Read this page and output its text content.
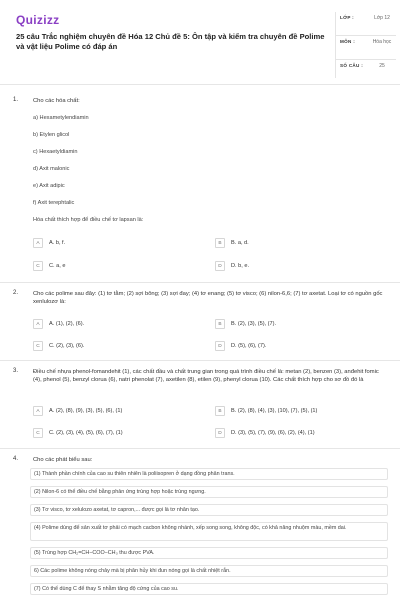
Quizizz
25 câu Trắc nghiệm chuyên đề Hóa 12 Chủ đề 5: Ôn tập và kiểm tra chuyên đề Polime và vật liệu Polime có đáp án
LỚP :	Lớp 12
MÔN :	Hóa học
SỐ CÂU :	25
1.	Cho các hóa chất:
a) Hexametylendiamin
b) Etylen glicol
c) Hexaetyldiamin
d) Axit malonic
e) Axit adipic
f) Axit terephtalic
Hóa chất thích hợp để điều chế tơ lapsan là:
A	A. b, f.	B	B. a, d.
C	C. a, e	D	D. b, e.
2.	Cho các polime sau đây: (1) tơ tằm; (2) sợi bông; (3) sợi đay; (4) tơ enang; (5) tơ visco; (6) nilon-6,6; (7) tơ axetat. Loại tơ có nguồn gốc xenlulozơ là:
A	A. (1), (2), (6).	B	B. (2), (3), (5), (7).
C	C. (2), (3), (6).	D	D. (5), (6), (7).
3.	Điều chế nhựa phenol-fomandehit (1), các chất đầu và chất trung gian trong quá trình điều chế là: metan (2), benzen (3), anđehit fomic (4), phenol (5), benzyl clorua (6), natri phenolat (7), axetilen (8), etilen (9), phenyl clorua (10). Các chất thích hợp cho sơ đồ đó là
A	A. (2), (8), (9), (3), (5), (6), (1)	B	B. (2), (8), (4), (3), (10), (7), (5), (1)
C	C. (2), (3), (4), (5), (6), (7), (1)	D	D. (3), (5), (7), (9), (6), (2), (4), (1)
4.	Cho các phát biểu sau:
(1) Thành phần chính của cao su thiên nhiên là poliisopren ở dạng đồng phân trans.
(2) Nilon-6 có thể điều chế bằng phản ứng trùng hợp hoặc trùng ngưng.
(3) Tơ visco, tơ xelulozo axetat, tơ capron,... được gọi là tơ nhân tạo.
(4) Polime dùng để sản xuất tơ phải có mạch cacbon không nhánh, xếp song song, không độc, có khả năng nhuộm màu, mềm dai.
(5) Trùng hợp CH₂=CH−COO−CH₃ thu được PVA.
6) Các polime không nóng chảy mà bị phân hủy khi đun nóng gọi là chất nhiệt rắn.
(7) Có thể dùng C để thay S nhằm tăng độ cứng của cao su.
